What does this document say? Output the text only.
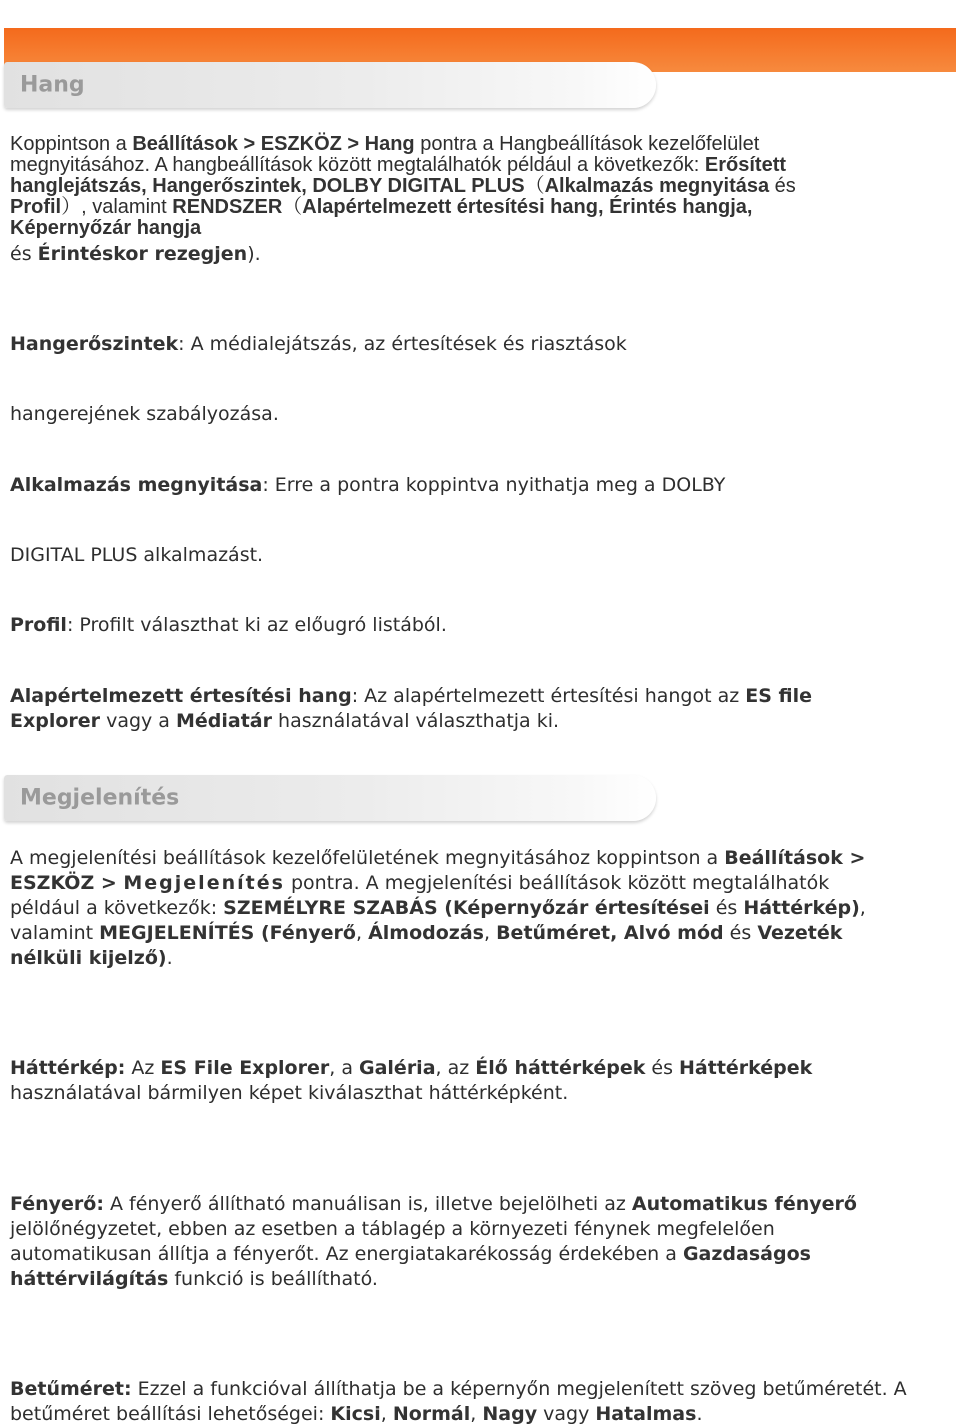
Hang
Koppintson a Beállítások > ESZKÖZ > Hang pontra a Hangbeállítások kezelőfelület
megnyitásához. A hangbeállítások között megtalálhatók például a következők: Erősített
hanglejátszás, Hangerőszintek, DOLBY DIGITAL PLUS（Alkalmazás megnyitása és
Profil）, valamint RENDSZER（Alapértelmezett értesítési hang, Érintés hangja,
Képernyőzár hangja
és Érintéskor rezegjen).
Hangerőszintek: A médialejátszás, az értesítések és riasztások
hangerejének szabályozása.
Alkalmazás megnyitása: Erre a pontra koppintva nyithatja meg a DOLBY
DIGITAL PLUS alkalmazást.
Profil: Profilt választhat ki az előugró listából.
Alapértelmezett értesítési hang: Az alapértelmezett értesítési hangot az ES file
Explorer vagy a Médiatár használatával választhatja ki.
Megjelenítés
A megjelenítési beállítások kezelőfelületének megnyitásához koppintson a Beállítások >
ESZKÖZ > Megjelenítés pontra. A megjelenítési beállítások között megtalálhatók
például a következők: SZEMÉLYRE SZABÁS (Képernyőzár értesítései és Háttérkép),
valamint MEGJELENÍTÉS (Fényerő, Álmodozás, Betűméret, Alvó mód és Vezeték
nélküli kijelző).
Háttérkép: Az ES File Explorer, a Galéria, az Élő háttérképek és Háttérképek
használatával bármilyen képet kiválaszthat háttérképként.
Fényerő: A fényerő állítható manuálisan is, illetve bejelölheti az Automatikus fényerő
jelölőnégyzetet, ebben az esetben a táblagép a környezeti fénynek megfelelően
automatikusan állítja a fényerőt. Az energiatakarékosság érdekében a Gazdaságos
háttérvilágítás funkció is beállítható.
Betűméret: Ezzel a funkcióval állíthatja be a képernyőn megjelenített szöveg betűméretét. A
betűméret beállítási lehetőségei: Kicsi, Normál, Nagy vagy Hatalmas.
